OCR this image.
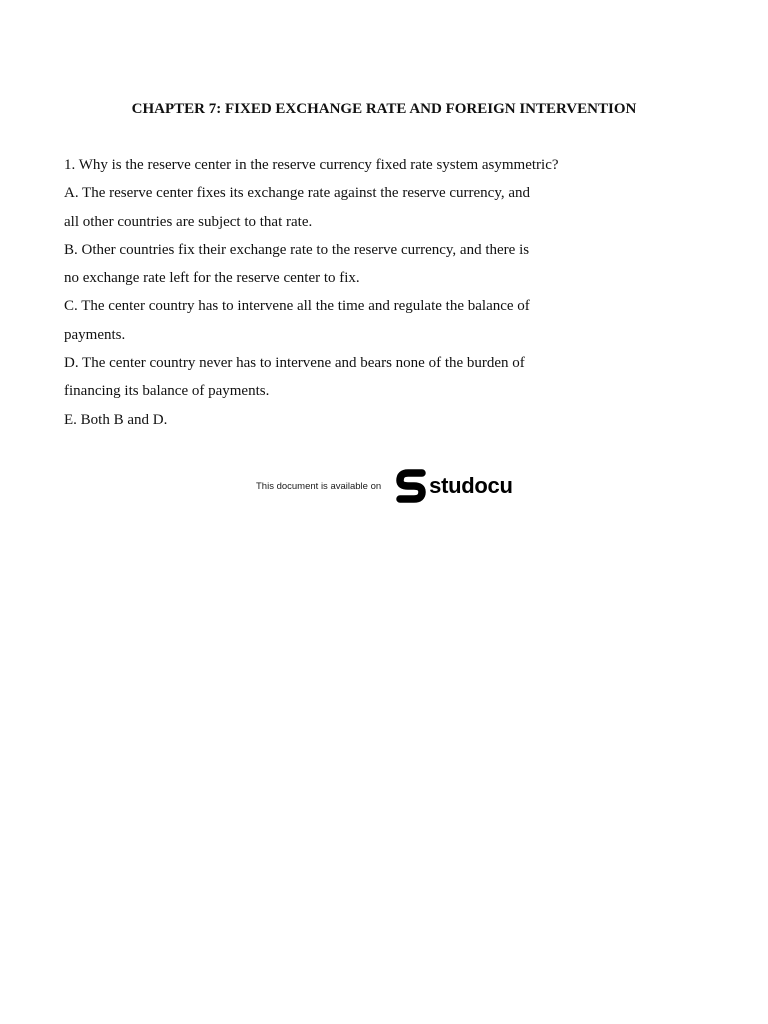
CHAPTER 7: FIXED EXCHANGE RATE AND FOREIGN INTERVENTION
1. Why is the reserve center in the reserve currency fixed rate system asymmetric?
A. The reserve center fixes its exchange rate against the reserve currency, and
all other countries are subject to that rate.
B. Other countries fix their exchange rate to the reserve currency, and there is
no exchange rate left for the reserve center to fix.
C. The center country has to intervene all the time and regulate the balance of
payments.
D. The center country never has to intervene and bears none of the burden of
financing its balance of payments.
E. Both B and D.
This document is available on studocu
